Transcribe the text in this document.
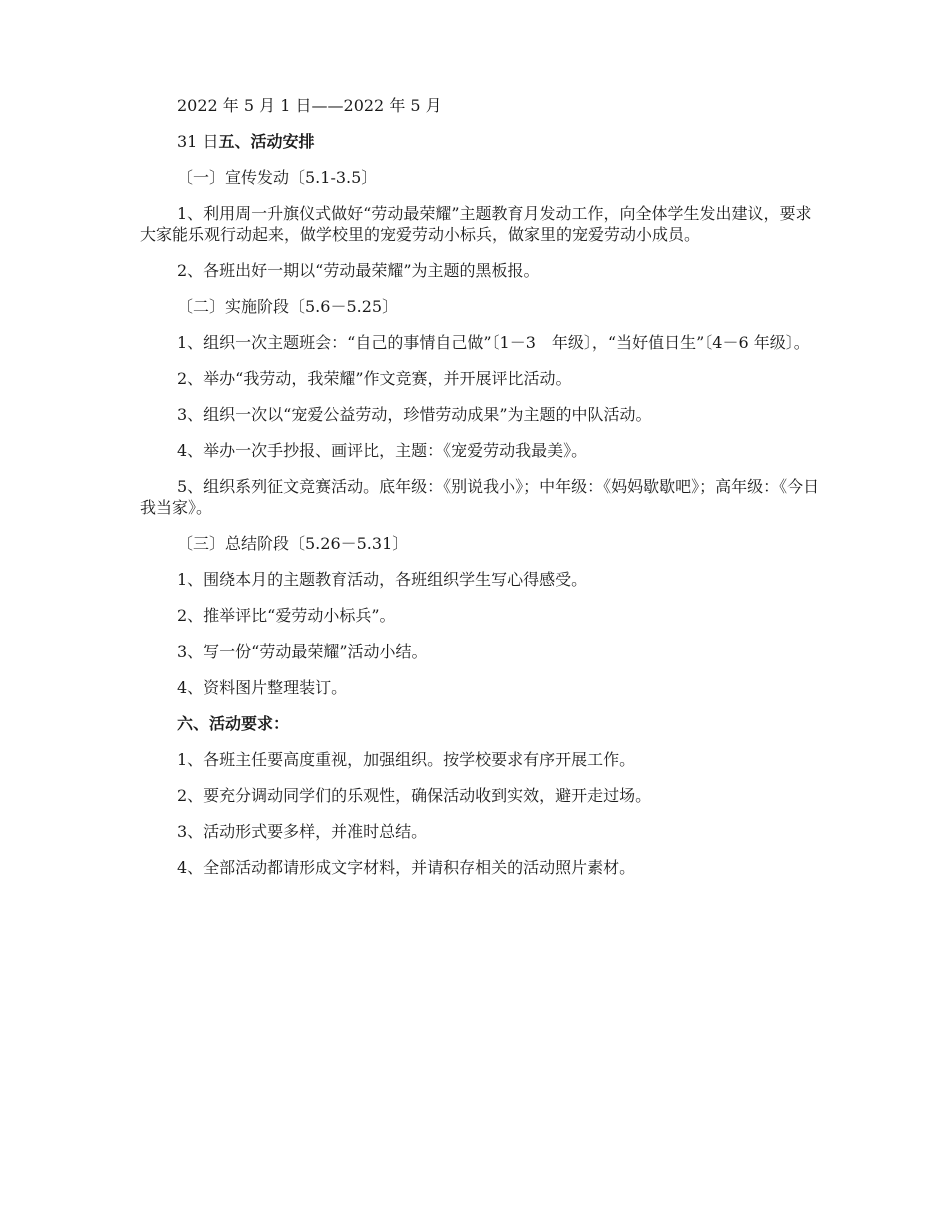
2022 年 5 月 1 日——2022 年 5 月

31 日五、活动安排

〔一〕宣传发动〔5.1-3.5〕

1、利用周一升旗仪式做好“劳动最荣耀”主题教育月发动工作，向全体学生发出建议，要求大家能乐观行动起来，做学校里的宠爱劳动小标兵，做家里的宠爱劳动小成员。

2、各班出好一期以“劳动最荣耀”为主题的黑板报。

〔二〕实施阶段〔5.6－5.25〕

1、组织一次主题班会：“自己的事情自己做”〔1－3　年级〕，“当好值日生”〔4－6 年级〕。

2、举办“我劳动，我荣耀”作文竞赛，并开展评比活动。

3、组织一次以“宠爱公益劳动，珍惜劳动成果”为主题的中队活动。

4、举办一次手抄报、画评比，主题：《宠爱劳动我最美》。

5、组织系列征文竞赛活动。底年级：《别说我小》；中年级：《妈妈歇歇吧》；高年级：《今日我当家》。

〔三〕总结阶段〔5.26－5.31〕

1、围绕本月的主题教育活动，各班组织学生写心得感受。

2、推举评比“爱劳动小标兵”。

3、写一份“劳动最荣耀”活动小结。

4、资料图片整理装订。

六、活动要求：

1、各班主任要高度重视，加强组织。按学校要求有序开展工作。

2、要充分调动同学们的乐观性，确保活动收到实效，避开走过场。

3、活动形式要多样，并准时总结。

4、全部活动都请形成文字材料，并请积存相关的活动照片素材。
